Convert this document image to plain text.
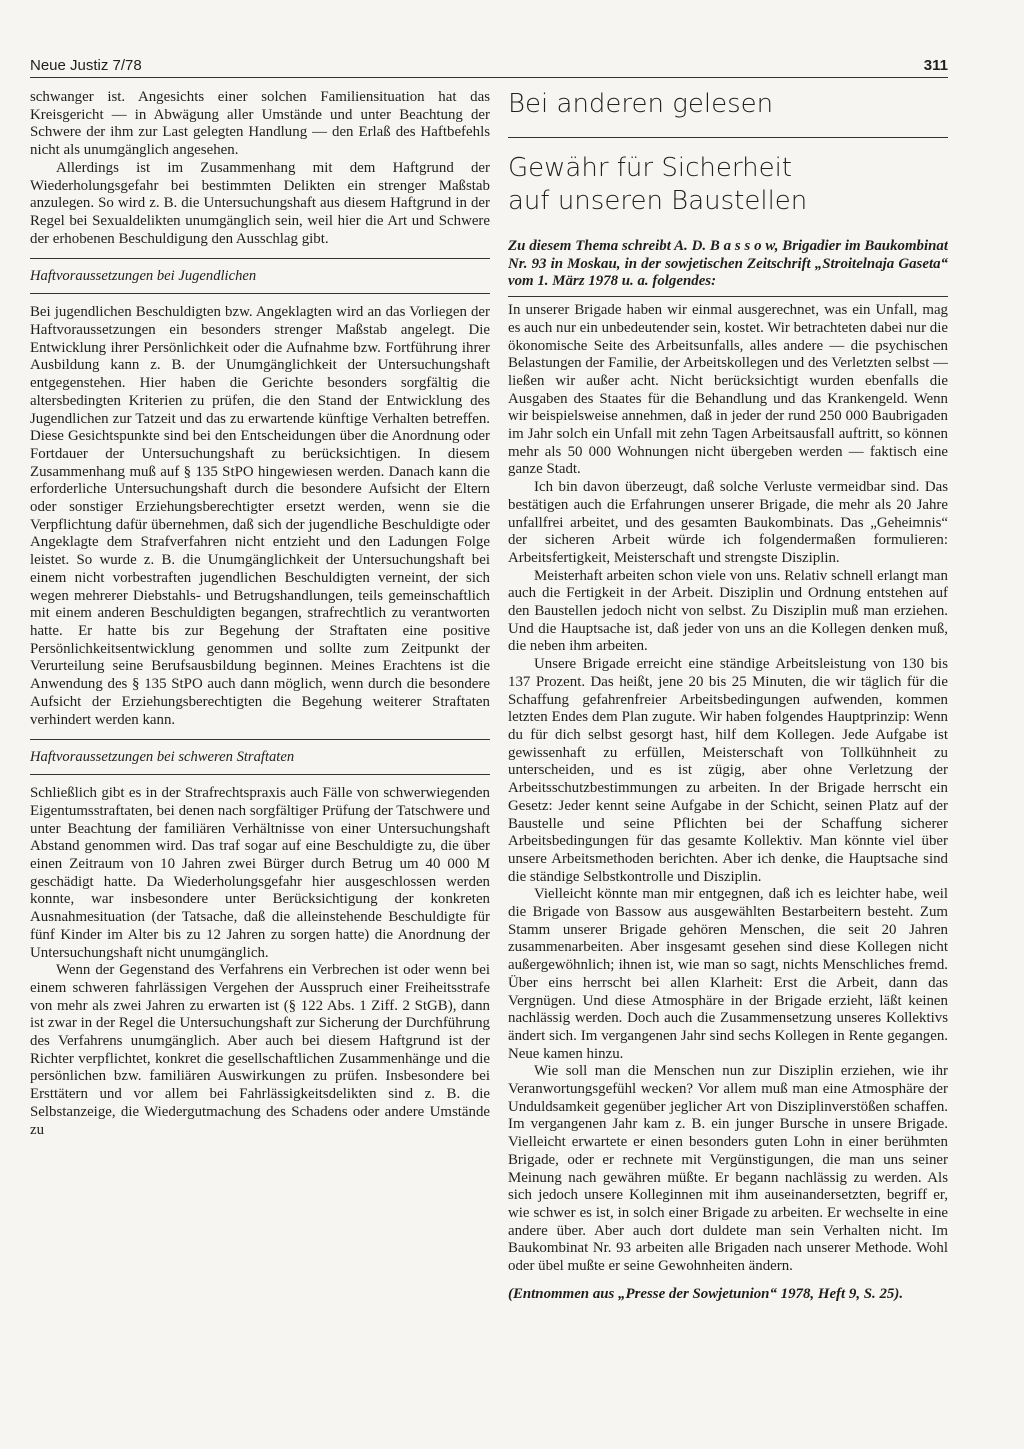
Neue Justiz 7/78	311

schwanger ist. Angesichts einer solchen Familiensituation hat das Kreisgericht — in Abwägung aller Umstände und unter Beachtung der Schwere der ihm zur Last gelegten Handlung — den Erlaß des Haftbefehls nicht als unumgänglich angesehen.

Allerdings ist im Zusammenhang mit dem Haftgrund der Wiederholungsgefahr bei bestimmten Delikten ein strenger Maßstab anzulegen. So wird z. B. die Untersuchungshaft aus diesem Haftgrund in der Regel bei Sexualdelikten unumgänglich sein, weil hier die Art und Schwere der erhobenen Beschuldigung den Ausschlag gibt.

Haftvoraussetzungen bei Jugendlichen

Bei jugendlichen Beschuldigten bzw. Angeklagten wird an das Vorliegen der Haftvoraussetzungen ein besonders strenger Maßstab angelegt. Die Entwicklung ihrer Persönlichkeit oder die Aufnahme bzw. Fortführung ihrer Ausbildung kann z. B. der Unumgänglichkeit der Untersuchungshaft entgegenstehen. Hier haben die Gerichte besonders sorgfältig die altersbedingten Kriterien zu prüfen, die den Stand der Entwicklung des Jugendlichen zur Tatzeit und das zu erwartende künftige Verhalten betreffen. Diese Gesichtspunkte sind bei den Entscheidungen über die Anordnung oder Fortdauer der Untersuchungshaft zu berücksichtigen. In diesem Zusammenhang muß auf § 135 StPO hingewiesen werden. Danach kann die erforderliche Untersuchungshaft durch die besondere Aufsicht der Eltern oder sonstiger Erziehungsberechtigter ersetzt werden, wenn sie die Verpflichtung dafür übernehmen, daß sich der jugendliche Beschuldigte oder Angeklagte dem Strafverfahren nicht entzieht und den Ladungen Folge leistet. So wurde z. B. die Unumgänglichkeit der Untersuchungshaft bei einem nicht vorbestraften jugendlichen Beschuldigten verneint, der sich wegen mehrerer Diebstahls- und Betrugshandlungen, teils gemeinschaftlich mit einem anderen Beschuldigten begangen, strafrechtlich zu verantworten hatte. Er hatte bis zur Begehung der Straftaten eine positive Persönlichkeitsentwicklung genommen und sollte zum Zeitpunkt der Verurteilung seine Berufsausbildung beginnen. Meines Erachtens ist die Anwendung des § 135 StPO auch dann möglich, wenn durch die besondere Aufsicht der Erziehungsberechtigten die Begehung weiterer Straftaten verhindert werden kann.

Haftvoraussetzungen bei schweren Straftaten

Schließlich gibt es in der Strafrechtspraxis auch Fälle von schwerwiegenden Eigentumsstraftaten, bei denen nach sorgfältiger Prüfung der Tatschwere und unter Beachtung der familiären Verhältnisse von einer Untersuchungshaft Abstand genommen wird. Das traf sogar auf eine Beschuldigte zu, die über einen Zeitraum von 10 Jahren zwei Bürger durch Betrug um 40 000 M geschädigt hatte. Da Wiederholungsgefahr hier ausgeschlossen werden konnte, war insbesondere unter Berücksichtigung der konkreten Ausnahmesituation (der Tatsache, daß die alleinstehende Beschuldigte für fünf Kinder im Alter bis zu 12 Jahren zu sorgen hatte) die Anordnung der Untersuchungshaft nicht unumgänglich.

Wenn der Gegenstand des Verfahrens ein Verbrechen ist oder wenn bei einem schweren fahrlässigen Vergehen der Ausspruch einer Freiheitsstrafe von mehr als zwei Jahren zu erwarten ist (§ 122 Abs. 1 Ziff. 2 StGB), dann ist zwar in der Regel die Untersuchungshaft zur Sicherung der Durchführung des Verfahrens unumgänglich. Aber auch bei diesem Haftgrund ist der Richter verpflichtet, konkret die gesellschaftlichen Zusammenhänge und die persönlichen bzw. familiären Auswirkungen zu prüfen. Insbesondere bei Ersttätern und vor allem bei Fahrlässigkeitsdelikten sind z. B. die Selbstanzeige, die Wiedergutmachung des Schadens oder andere Umstände zu

Bei anderen gelesen
Gewähr für Sicherheit
auf unseren Baustellen

Zu diesem Thema schreibt A. D. B a s s o w, Brigadier im Baukombinat Nr. 93 in Moskau, in der sowjetischen Zeitschrift „Stroitelnaja Gaseta“ vom 1. März 1978 u. a. folgendes:

In unserer Brigade haben wir einmal ausgerechnet, was ein Unfall, mag es auch nur ein unbedeutender sein, kostet. Wir betrachteten dabei nur die ökonomische Seite des Arbeitsunfalls, alles andere — die psychischen Belastungen der Familie, der Arbeitskollegen und des Verletzten selbst — ließen wir außer acht. Nicht berücksichtigt wurden ebenfalls die Ausgaben des Staates für die Behandlung und das Krankengeld. Wenn wir beispielsweise annehmen, daß in jeder der rund 250 000 Baubrigaden im Jahr solch ein Unfall mit zehn Tagen Arbeitsausfall auftritt, so können mehr als 50 000 Wohnungen nicht übergeben werden — faktisch eine ganze Stadt.

Ich bin davon überzeugt, daß solche Verluste vermeidbar sind. Das bestätigen auch die Erfahrungen unserer Brigade, die mehr als 20 Jahre unfallfrei arbeitet, und des gesamten Baukombinats. Das „Geheimnis“ der sicheren Arbeit würde ich folgendermaßen formulieren: Arbeitsfertigkeit, Meisterschaft und strengste Disziplin.

Meisterhaft arbeiten schon viele von uns. Relativ schnell erlangt man auch die Fertigkeit in der Arbeit. Disziplin und Ordnung entstehen auf den Baustellen jedoch nicht von selbst. Zu Disziplin muß man erziehen. Und die Hauptsache ist, daß jeder von uns an die Kollegen denken muß, die neben ihm arbeiten.

Unsere Brigade erreicht eine ständige Arbeitsleistung von 130 bis 137 Prozent. Das heißt, jene 20 bis 25 Minuten, die wir täglich für die Schaffung gefahrenfreier Arbeitsbedingungen aufwenden, kommen letzten Endes dem Plan zugute. Wir haben folgendes Hauptprinzip: Wenn du für dich selbst gesorgt hast, hilf dem Kollegen. Jede Aufgabe ist gewissenhaft zu erfüllen, Meisterschaft von Tollkühnheit zu unterscheiden, und es ist zügig, aber ohne Verletzung der Arbeitsschutzbestimmungen zu arbeiten. In der Brigade herrscht ein Gesetz: Jeder kennt seine Aufgabe in der Schicht, seinen Platz auf der Baustelle und seine Pflichten bei der Schaffung sicherer Arbeitsbedingungen für das gesamte Kollektiv. Man könnte viel über unsere Arbeitsmethoden berichten. Aber ich denke, die Hauptsache sind die ständige Selbstkontrolle und Disziplin.

Vielleicht könnte man mir entgegnen, daß ich es leichter habe, weil die Brigade von Bassow aus ausgewählten Bestarbeitern besteht. Zum Stamm unserer Brigade gehören Menschen, die seit 20 Jahren zusammenarbeiten. Aber insgesamt gesehen sind diese Kollegen nicht außergewöhnlich; ihnen ist, wie man so sagt, nichts Menschliches fremd. Über eins herrscht bei allen Klarheit: Erst die Arbeit, dann das Vergnügen. Und diese Atmosphäre in der Brigade erzieht, läßt keinen nachlässig werden. Doch auch die Zusammensetzung unseres Kollektivs ändert sich. Im vergangenen Jahr sind sechs Kollegen in Rente gegangen. Neue kamen hinzu.

Wie soll man die Menschen nun zur Disziplin erziehen, wie ihr Veranwortungsgefühl wecken? Vor allem muß man eine Atmosphäre der Unduldsamkeit gegenüber jeglicher Art von Disziplinverstößen schaffen. Im vergangenen Jahr kam z. B. ein junger Bursche in unsere Brigade. Vielleicht erwartete er einen besonders guten Lohn in einer berühmten Brigade, oder er rechnete mit Vergünstigungen, die man uns seiner Meinung nach gewähren müßte. Er begann nachlässig zu werden. Als sich jedoch unsere Kolleginnen mit ihm auseinandersetzten, begriff er, wie schwer es ist, in solch einer Brigade zu arbeiten. Er wechselte in eine andere über. Aber auch dort duldete man sein Verhalten nicht. Im Baukombinat Nr. 93 arbeiten alle Brigaden nach unserer Methode. Wohl oder übel mußte er seine Gewohnheiten ändern.

(Entnommen aus „Presse der Sowjetunion“ 1978, Heft 9, S. 25).
